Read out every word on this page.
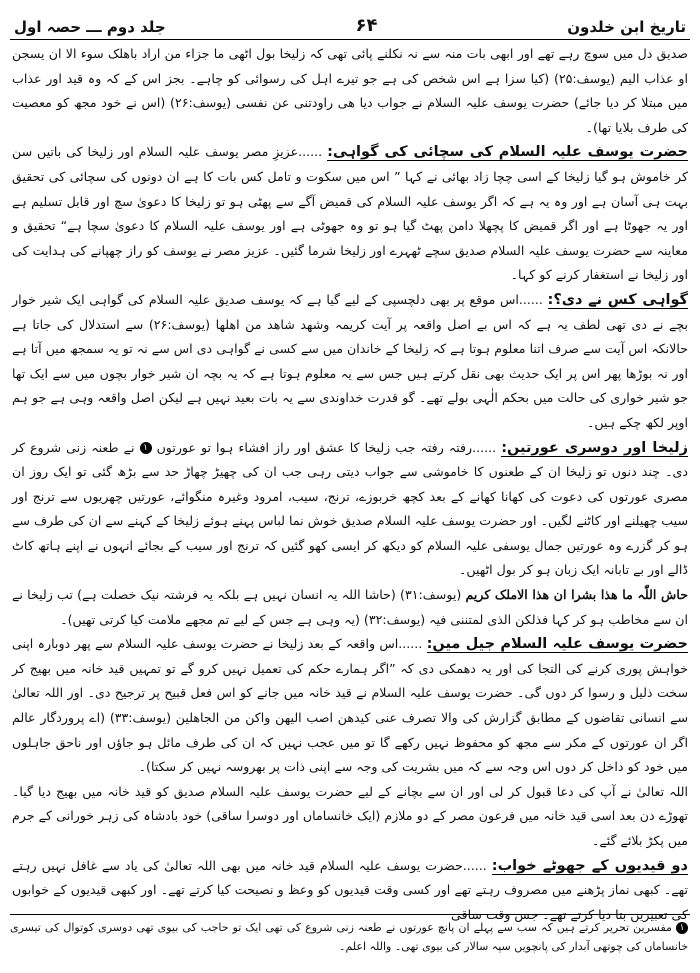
تاریخ ابن خلدون
۶۴
جلد دوم ـــ حصہ اول

صدیق دل میں سوچ رہے تھے اور ابھی بات منہ سے نہ نکلنے پائی تھی کہ زلیخا بول اٹھی ما جزاء من اراد باھلک سوء الا ان یسجن او عذاب الیم (یوسف:۲۵) (کیا سزا ہے اس شخص کی ہے جو تیرے اہل کی رسوائی کو چاہے۔ بجز اس کے کہ وہ قید اور عذاب میں مبتلا کر دیا جائے) حضرت یوسف علیہ السلام نے جواب دیا ھی راودتنی عن نفسی (یوسف:۲۶) (اس نے خود مجھ کو معصیت کی طرف بلایا تھا)۔

حضرت یوسف علیہ السلام کی سچائی کی گواہی: ......عزیزِ مصر یوسف علیہ السلام اور زلیخا کی باتیں سن کر خاموش ہو گیا زلیخا کے اسی چچا زاد بھائی نے کہا ” اس میں سکوت و تامل کس بات کا ہے ان دونوں کی سچائی کی تحقیق بہت ہی آسان ہے اور وہ یہ ہے کہ اگر یوسف علیہ السلام کی قمیض آگے سے پھٹی ہو تو زلیخا کا دعویٰ سچ اور قابل تسلیم ہے اور یہ جھوٹا ہے اور اگر قمیض کا پچھلا دامن پھٹ گیا ہو تو وہ جھوٹی ہے اور یوسف علیہ السلام کا دعویٰ سچا ہے“ تحقیق و معاینہ سے حضرت یوسف علیہ السلام صدیق سچے ٹھہرے اور زلیخا شرما گئیں۔ عزیز مصر نے یوسف کو راز چھپانے کی ہدایت کی اور زلیخا نے استغفار کرنے کو کہا۔

گواہی کس نے دی؟: ......اس موقع پر بھی دلچسپی کے لیے گیا ہے کہ یوسف صدیق علیہ السلام کی گواہی ایک شیر خوار بچے نے دی تھی لطف یہ ہے کہ اس بے اصل واقعہ پر آیت کریمہ وشھد شاھد من اھلھا (یوسف:۲۶) سے استدلال کی جاتا ہے حالانکہ اس آیت سے صرف اتنا معلوم ہوتا ہے کہ زلیخا کے خاندان میں سے کسی نے گواہی دی اس سے نہ تو یہ سمجھ میں آتا ہے اور نہ بوڑھا پھر اس پر ایک حدیث بھی نقل کرتے ہیں جس سے یہ معلوم ہوتا ہے کہ یہ بچہ ان شیر خوار بچوں میں سے ایک تھا جو شیر خواری کی حالت میں بحکم الٰہی بولے تھے۔ گو قدرت خداوندی سے یہ بات بعید نہیں ہے لیکن اصل واقعہ وہی ہے جو ہم اوپر لکھ چکے ہیں۔

زلیخا اور دوسری عورتیں: ......رفتہ رفتہ جب زلیخا کا عشق اور راز افشاء ہوا تو عورتوں ١ نے طعنہ زنی شروع کر دی۔ چند دنوں تو زلیخا ان کے طعنوں کا خاموشی سے جواب دیتی رہی جب ان کی چھیڑ چھاڑ حد سے بڑھ گئی تو ایک روز ان مصری عورتوں کی دعوت کی کھانا کھانے کے بعد کچھ خربوزے، ترنج، سیب، امرود وغیرہ منگوائے، عورتیں چھریوں سے ترنج اور سیب چھیلنے اور کاٹنے لگیں۔ اور حضرت یوسف علیہ السلام صدیق خوش نما لباس پہنے ہوئے زلیخا کے کہنے سے ان کی طرف سے ہو کر گزرے وہ عورتیں جمال یوسفی علیہ السلام کو دیکھ کر ایسی کھو گئیں کہ ترنج اور سیب کے بجائے انہوں نے اپنے ہاتھ کاٹ ڈالے اور بے تابانہ ایک زبان ہو کر بول اٹھیں۔

حاش اللّٰہ ما ھذا بشرا ان ھذا الاملک کریم (یوسف:۳۱) (حاشا اللہ یہ انسان نہیں ہے بلکہ یہ فرشتہ نیک خصلت ہے) تب زلیخا نے ان سے مخاطب ہو کر کہا فذلکن الذی لمتننی فیہ (یوسف:۳۲) (یہ وہی ہے جس کے لیے تم مجھے ملامت کیا کرتی تھیں)۔

حضرت یوسف علیہ السلام جیل میں: ......اس واقعہ کے بعد زلیخا نے حضرت یوسف علیہ السلام سے پھر دوبارہ اپنی خواہش پوری کرنے کی التجا کی اور یہ دھمکی دی کہ ”اگر ہمارے حکم کی تعمیل نہیں کرو گے تو تمہیں قید خانہ میں بھیج کر سخت ذلیل و رسوا کر دوں گی۔ حضرت یوسف علیہ السلام نے قید خانہ میں جانے کو اس فعل قبیح پر ترجیح دی۔ اور اللہ تعالیٰ سے انسانی تقاضوں کے مطابق گزارش کی والا تصرف عنی کیدھن اصب الیھن واکن من الجاھلین (یوسف:۳۳) (اے پروردگار عالم اگر ان عورتوں کے مکر سے مجھ کو محفوظ نہیں رکھے گا تو میں عجب نہیں کہ ان کی طرف مائل ہو جاؤں اور ناحق جاہلوں میں خود کو داخل کر دوں اس وجہ سے کہ میں بشریت کی وجہ سے اپنی ذات پر بھروسہ نہیں کر سکتا)۔

اللہ تعالیٰ نے آپ کی دعا قبول کر لی اور ان سے بچانے کے لیے حضرت یوسف علیہ السلام صدیق کو قید خانہ میں بھیج دیا گیا۔ تھوڑے دن بعد اسی قید خانہ میں فرعون مصر کے دو ملازم (ایک خانساماں اور دوسرا ساقی) خود بادشاہ کی زہر خورانی کے جرم میں پکڑ بلائے گئے۔

دو قیدیوں کے جھوٹے خواب: ......حضرت یوسف علیہ السلام قید خانہ میں بھی اللہ تعالیٰ کی یاد سے غافل نہیں رہتے تھے۔ کبھی نماز پڑھنے میں مصروف رہتے تھے اور کسی وقت قیدیوں کو وعظ و نصیحت کیا کرتے تھے۔ اور کبھی قیدیوں کے خوابوں کی تعبیریں بتا دیا کرتے تھے۔ جس وقت ساقی

١ مفسرین تحریر کرتے ہیں کہ سب سے پہلے ان پانچ عورتوں نے طعنہ زنی شروع کی تھی ایک تو حاجب کی بیوی تھی دوسری کوتوال کی تیسری خانساماں کی چوتھی آبدار کی پانچویں سپہ سالار کی بیوی تھی۔ واللہ اعلم۔
